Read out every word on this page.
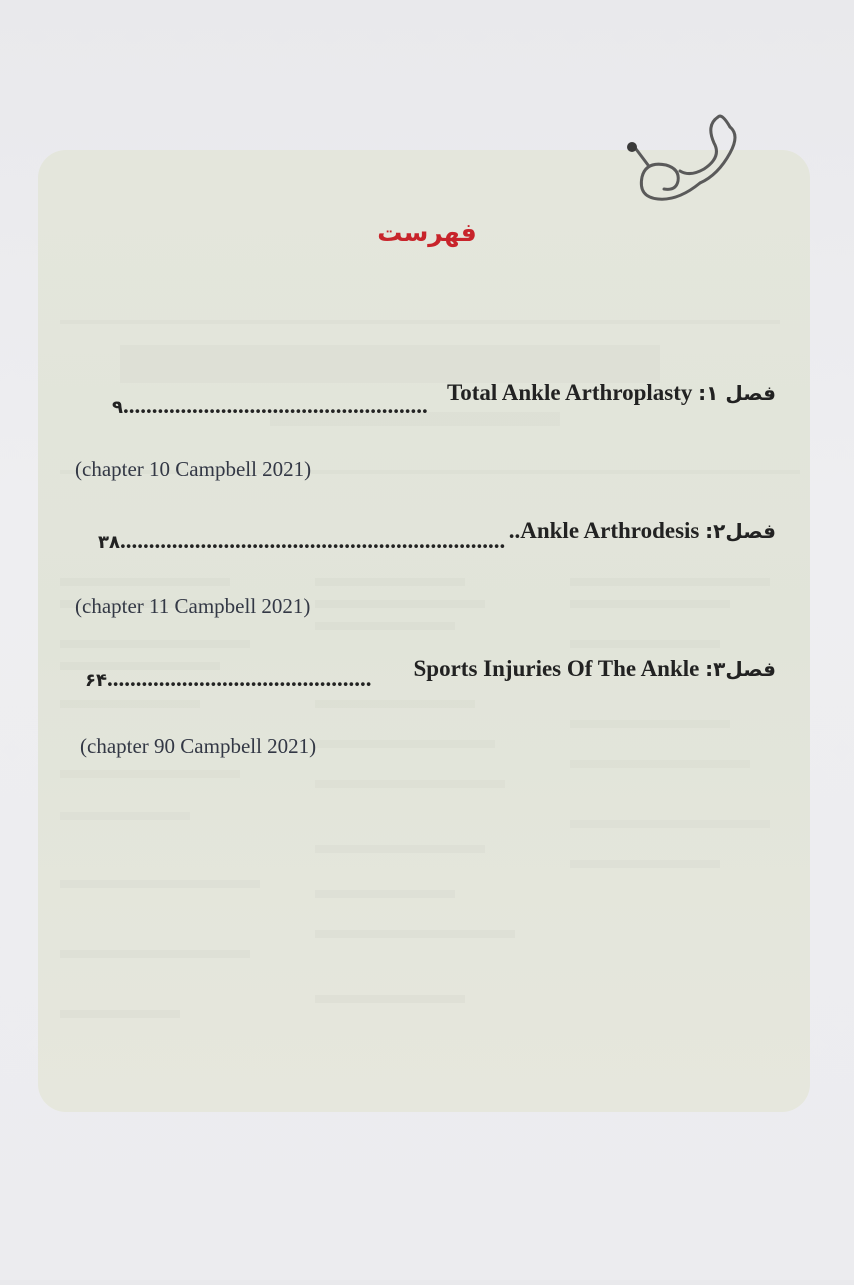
فهرست
فصل ۱: Total Ankle Arthroplasty
۹.....................................................
(chapter 10 Campbell 2021)
فصل۲: Ankle Arthrodesis..
۳۸...................................................................
(chapter 11 Campbell 2021)
فصل۳: Sports Injuries Of The Ankle
۶۴..............................................
(chapter 90 Campbell 2021)
